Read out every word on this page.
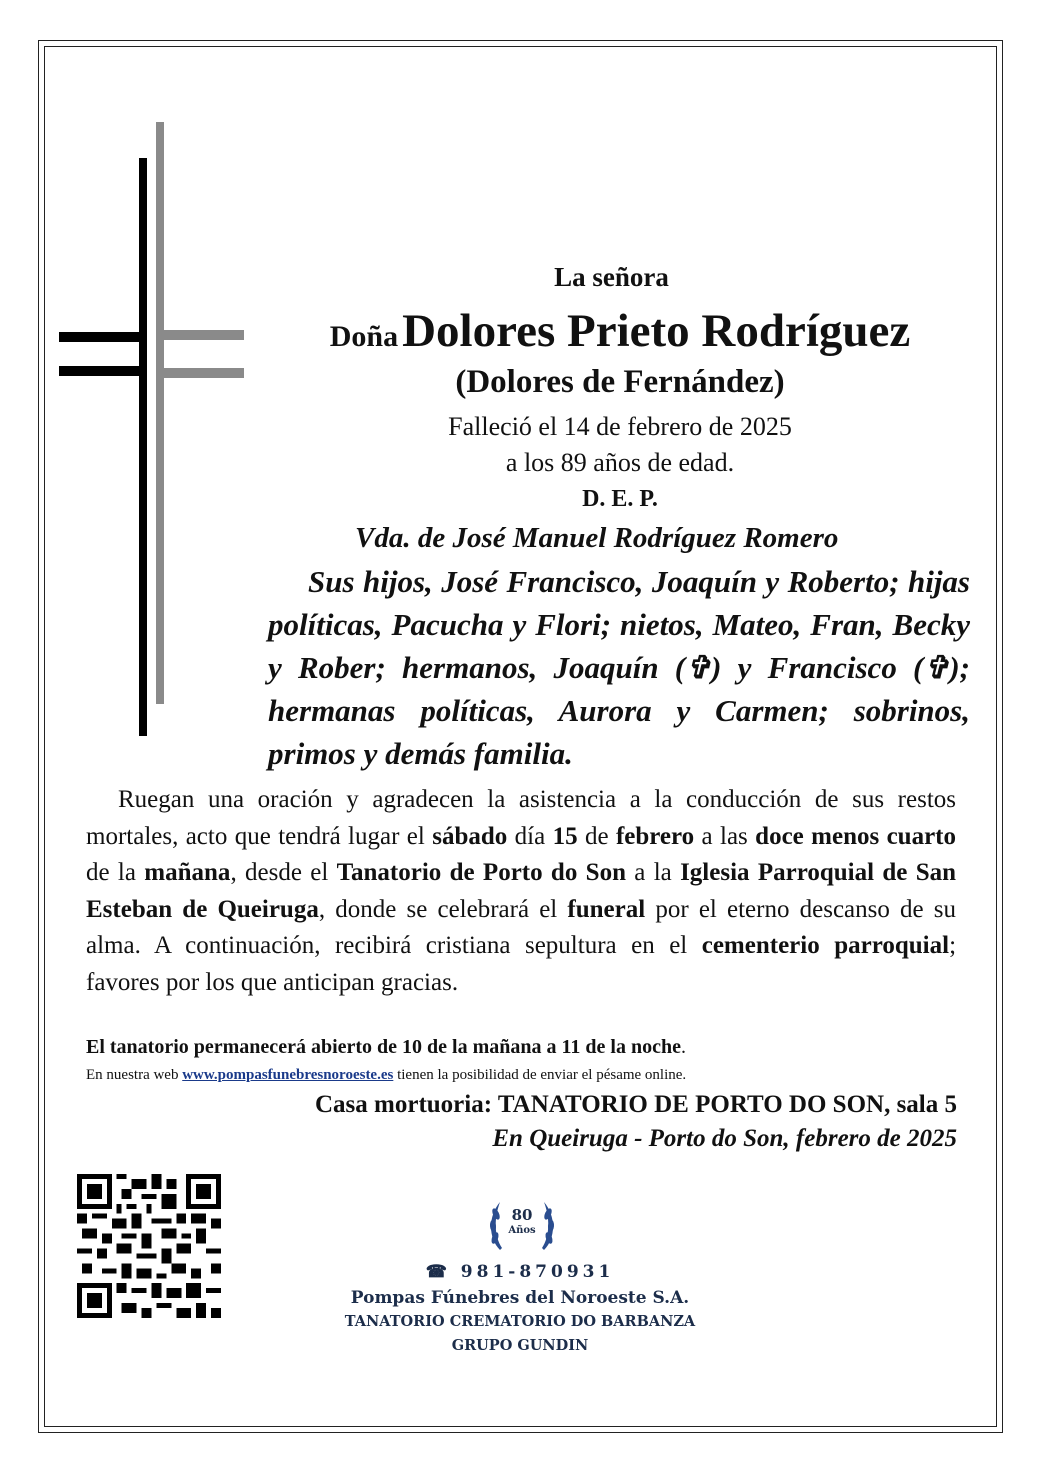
La señora
Doña Dolores Prieto Rodríguez
(Dolores de Fernández)
Falleció el 14 de febrero de 2025
a los 89 años de edad.
D. E. P.
Vda. de José Manuel Rodríguez Romero
Sus hijos, José Francisco, Joaquín y Roberto; hijas políticas, Pacucha y Flori; nietos, Mateo, Fran, Becky y Rober; hermanos, Joaquín (✞) y Francisco (✞); hermanas políticas, Aurora y Carmen; sobrinos, primos y demás familia.
Ruegan una oración y agradecen la asistencia a la conducción de sus restos mortales, acto que tendrá lugar el sábado día 15 de febrero a las doce menos cuarto de la mañana, desde el Tanatorio de Porto do Son a la Iglesia Parroquial de San Esteban de Queiruga, donde se celebrará el funeral por el eterno descanso de su alma. A continuación, recibirá cristiana sepultura en el cementerio parroquial; favores por los que anticipan gracias.
El tanatorio permanecerá abierto de 10 de la mañana a 11 de la noche.
En nuestra web www.pompasfunebresnoroeste.es tienen la posibilidad de enviar el pésame online.
Casa mortuoria: TANATORIO DE PORTO DO SON, sala 5
En Queiruga - Porto do Son, febrero de 2025
80
Años
☎ 981-870931
Pompas Fúnebres del Noroeste S.A.
TANATORIO CREMATORIO DO BARBANZA
GRUPO GUNDIN
